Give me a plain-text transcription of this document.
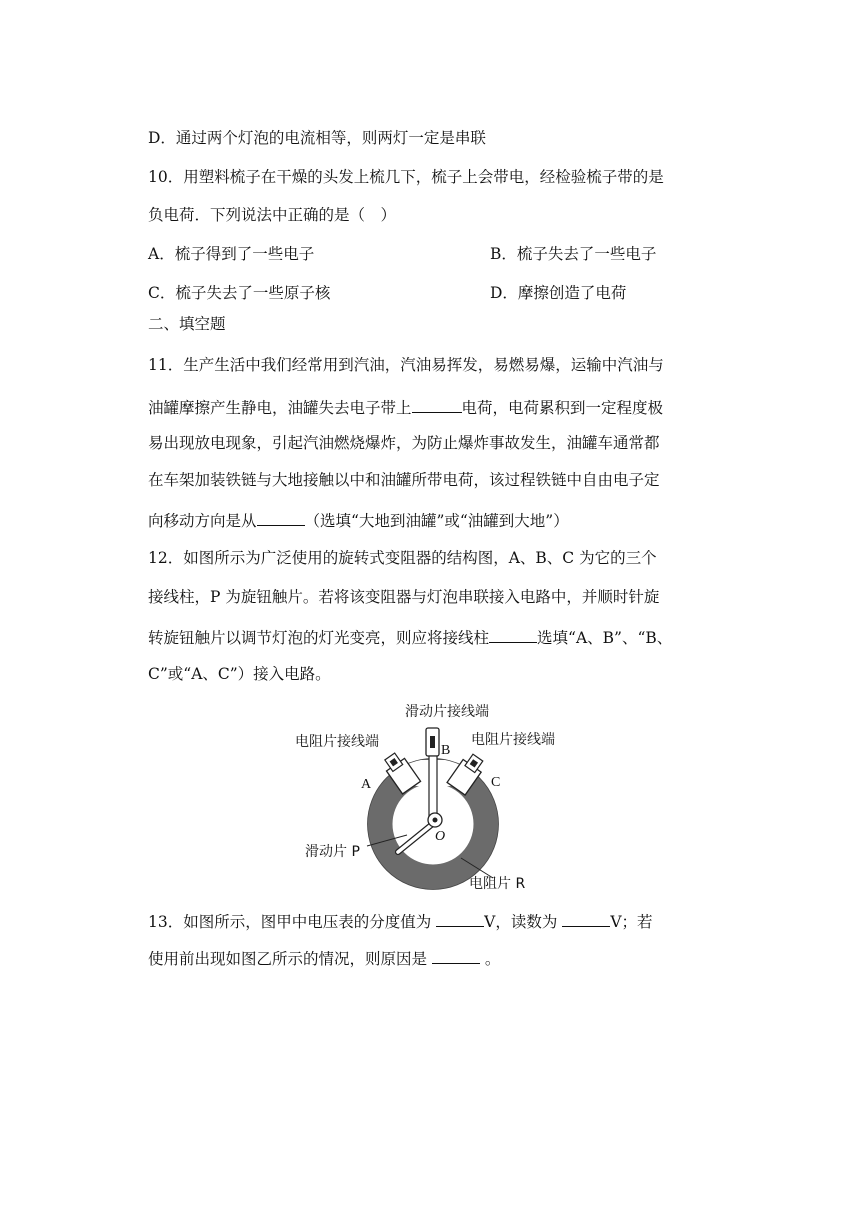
D．通过两个灯泡的电流相等，则两灯一定是串联
10．用塑料梳子在干燥的头发上梳几下，梳子上会带电，经检验梳子带的是
负电荷．下列说法中正确的是（　）
A．梳子得到了一些电子	B．梳子失去了一些电子
C．梳子失去了一些原子核	D．摩擦创造了电荷
二、填空题
11．生产生活中我们经常用到汽油，汽油易挥发，易燃易爆，运输中汽油与
油罐摩擦产生静电，油罐失去电子带上	电荷，电荷累积到一定程度极
易出现放电现象，引起汽油燃烧爆炸，为防止爆炸事故发生，油罐车通常都
在车架加装铁链与大地接触以中和油罐所带电荷，该过程铁链中自由电子定
向移动方向是从	（选填“大地到油罐”或“油罐到大地”）
12．如图所示为广泛使用的旋转式变阻器的结构图，A、B、C 为它的三个
接线柱，P 为旋钮触片。若将该变阻器与灯泡串联接入电路中，并顺时针旋
转旋钮触片以调节灯泡的灯光变亮，则应将接线柱	选填“A、B”、“B、
C”或“A、C”）接入电路。
滑动片接线端
电阻片接线端	电阻片接线端
A
B
C
O
滑动片 P
电阻片 R
13．如图所示，图甲中电压表的分度值为	V，读数为	V；若
使用前出现如图乙所示的情况，则原因是	。
